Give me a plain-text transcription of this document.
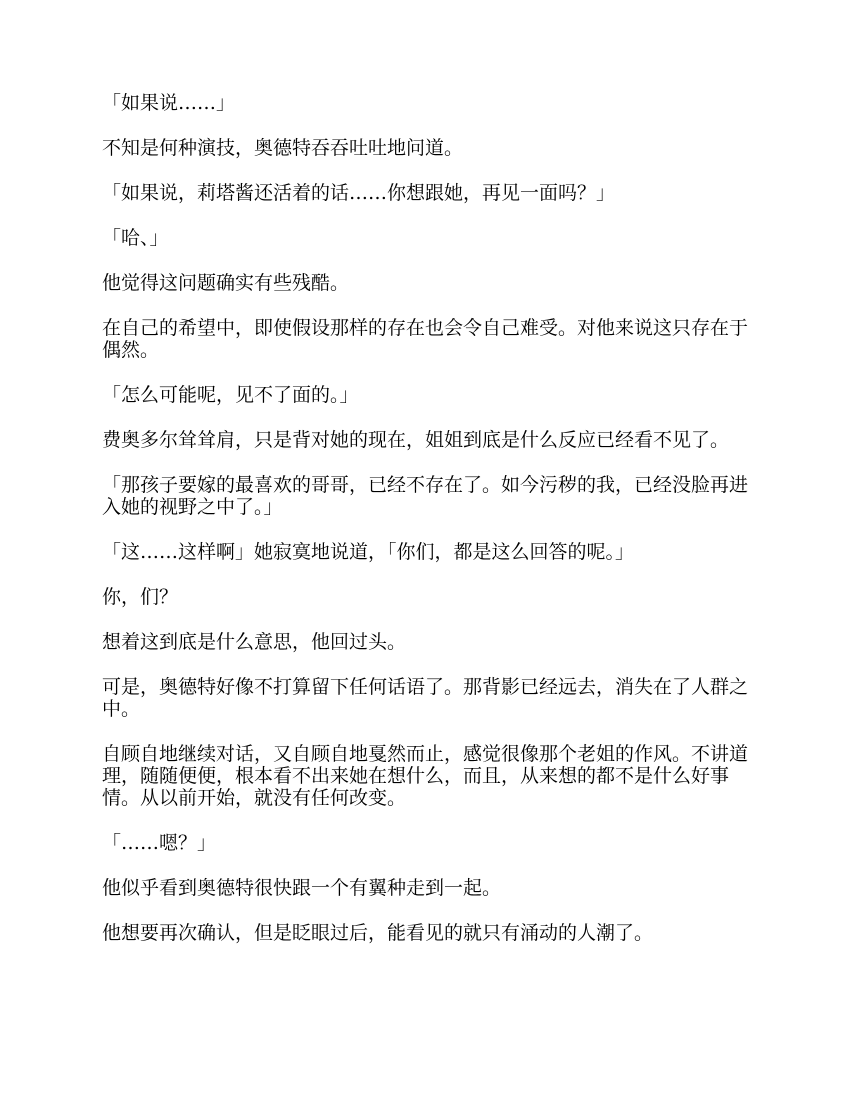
「如果说……」

不知是何种演技，奥德特吞吞吐吐地问道。

「如果说，莉塔酱还活着的话……你想跟她，再见一面吗？」

「哈、」

他觉得这问题确实有些残酷。

在自己的希望中，即使假设那样的存在也会令自己难受。对他来说这只存在于偶然。

「怎么可能呢，见不了面的。」

费奥多尔耸耸肩，只是背对她的现在，姐姐到底是什么反应已经看不见了。

「那孩子要嫁的最喜欢的哥哥，已经不存在了。如今污秽的我，已经没脸再进入她的视野之中了。」

「这……这样啊」她寂寞地说道，「你们，都是这么回答的呢。」

你，们？

想着这到底是什么意思，他回过头。

可是，奥德特好像不打算留下任何话语了。那背影已经远去，消失在了人群之中。

自顾自地继续对话，又自顾自地戛然而止，感觉很像那个老姐的作风。不讲道理，随随便便，根本看不出来她在想什么，而且，从来想的都不是什么好事情。从以前开始，就没有任何改变。

「……嗯？」

他似乎看到奥德特很快跟一个有翼种走到一起。

他想要再次确认，但是眨眼过后，能看见的就只有涌动的人潮了。
